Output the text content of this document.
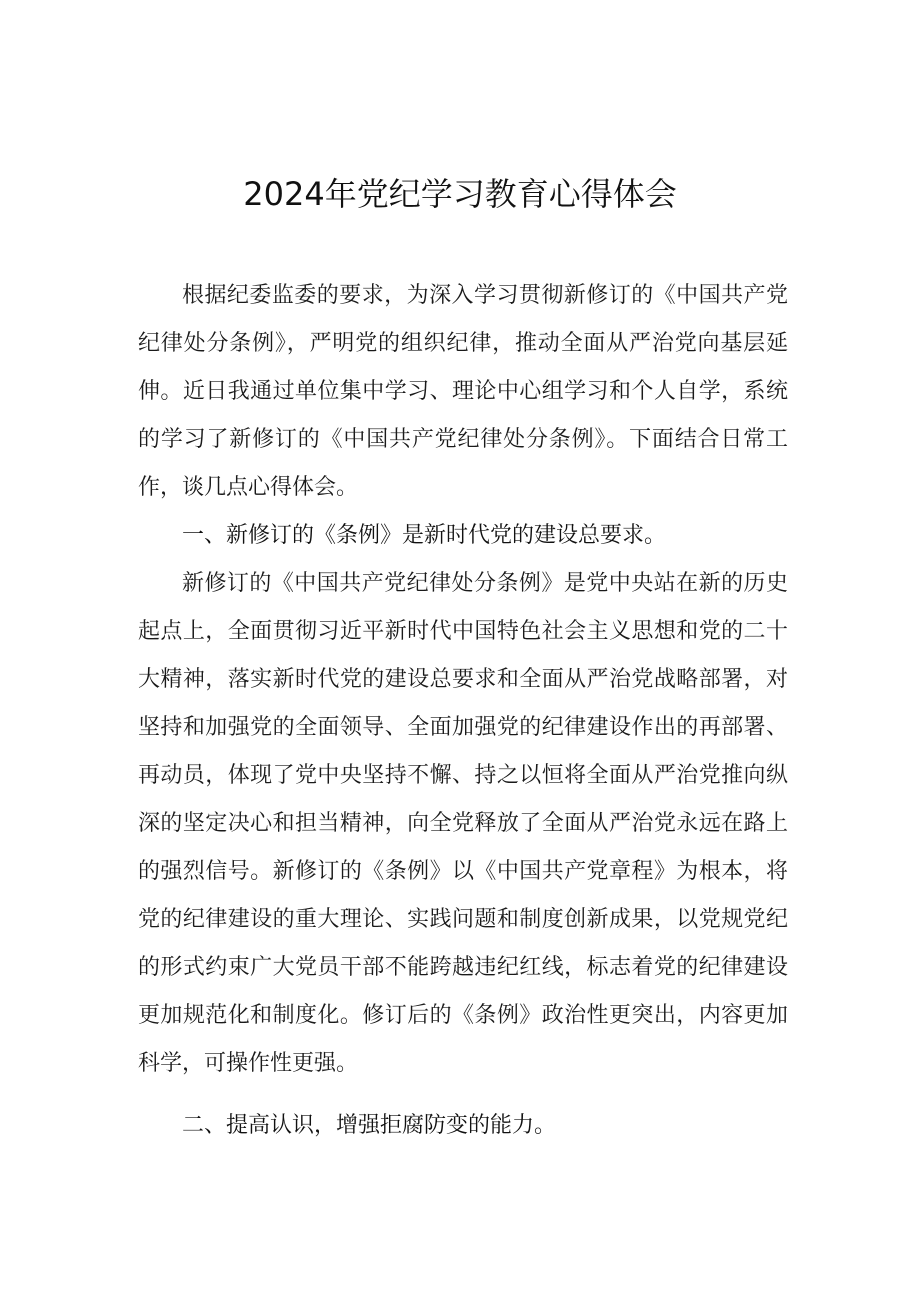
2024年党纪学习教育心得体会

根据纪委监委的要求，为深入学习贯彻新修订的《中国共产党纪律处分条例》，严明党的组织纪律，推动全面从严治党向基层延伸。近日我通过单位集中学习、理论中心组学习和个人自学，系统的学习了新修订的《中国共产党纪律处分条例》。下面结合日常工作，谈几点心得体会。

一、新修订的《条例》是新时代党的建设总要求。

新修订的《中国共产党纪律处分条例》是党中央站在新的历史起点上，全面贯彻习近平新时代中国特色社会主义思想和党的二十大精神，落实新时代党的建设总要求和全面从严治党战略部署，对坚持和加强党的全面领导、全面加强党的纪律建设作出的再部署、再动员，体现了党中央坚持不懈、持之以恒将全面从严治党推向纵深的坚定决心和担当精神，向全党释放了全面从严治党永远在路上的强烈信号。新修订的《条例》以《中国共产党章程》为根本，将党的纪律建设的重大理论、实践问题和制度创新成果，以党规党纪的形式约束广大党员干部不能跨越违纪红线，标志着党的纪律建设更加规范化和制度化。修订后的《条例》政治性更突出，内容更加科学，可操作性更强。

二、提高认识，增强拒腐防变的能力。
